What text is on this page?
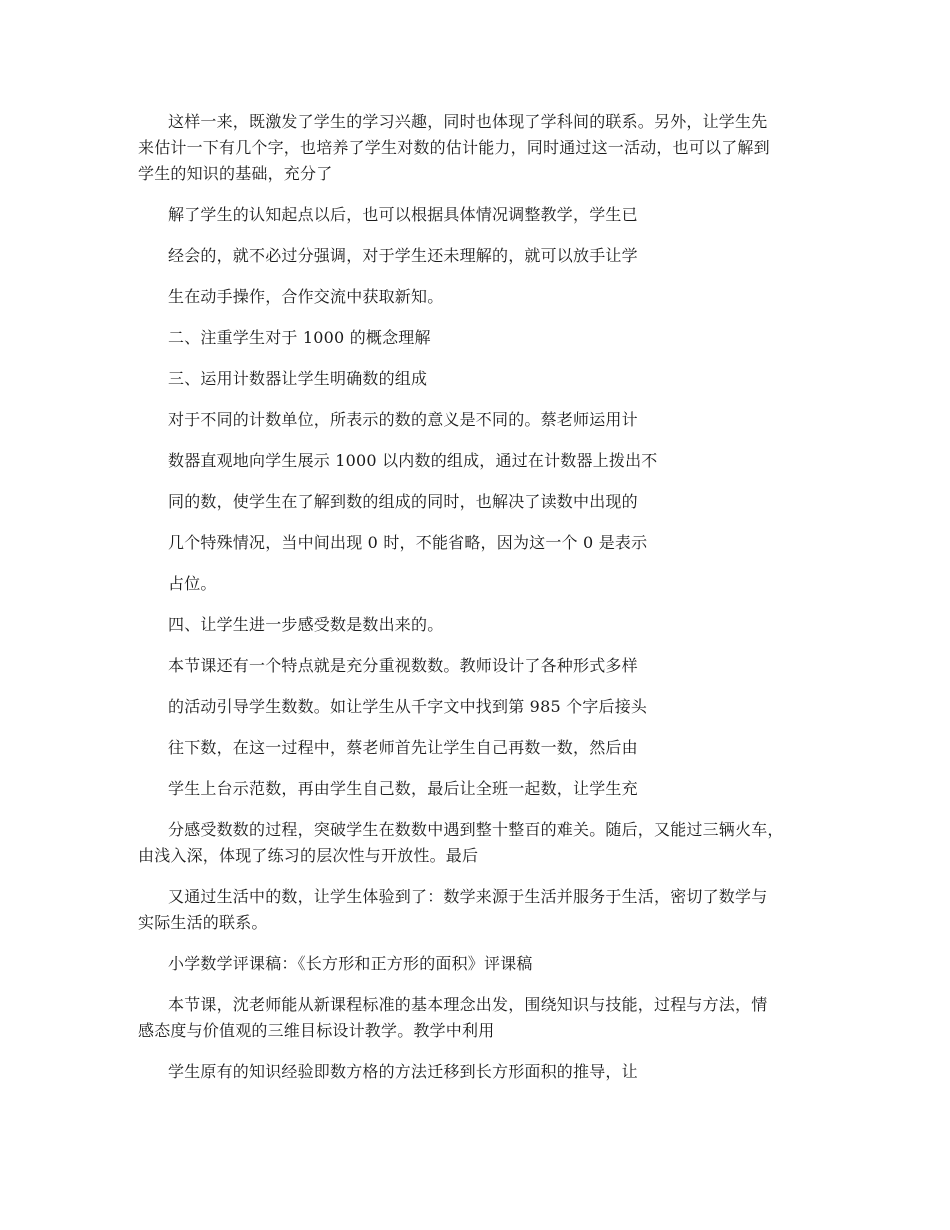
这样一来，既激发了学生的学习兴趣，同时也体现了学科间的联系。另外，让学生先
来估计一下有几个字，也培养了学生对数的估计能力，同时通过这一活动，也可以了解到
学生的知识的基础，充分了
解了学生的认知起点以后，也可以根据具体情况调整教学，学生已
经会的，就不必过分强调，对于学生还未理解的，就可以放手让学
生在动手操作，合作交流中获取新知。
二、注重学生对于 1000 的概念理解
三、运用计数器让学生明确数的组成
对于不同的计数单位，所表示的数的意义是不同的。蔡老师运用计
数器直观地向学生展示 1000 以内数的组成，通过在计数器上拨出不
同的数，使学生在了解到数的组成的同时，也解决了读数中出现的
几个特殊情况，当中间出现 0 时，不能省略，因为这一个 0 是表示
占位。
四、让学生进一步感受数是数出来的。
本节课还有一个特点就是充分重视数数。教师设计了各种形式多样
的活动引导学生数数。如让学生从千字文中找到第 985 个字后接头
往下数，在这一过程中，蔡老师首先让学生自己再数一数，然后由
学生上台示范数，再由学生自己数，最后让全班一起数，让学生充
分感受数数的过程，突破学生在数数中遇到整十整百的难关。随后，又能过三辆火车，
由浅入深，体现了练习的层次性与开放性。最后
又通过生活中的数，让学生体验到了：数学来源于生活并服务于生活，密切了数学与
实际生活的联系。
小学数学评课稿：《长方形和正方形的面积》评课稿
本节课，沈老师能从新课程标准的基本理念出发，围绕知识与技能，过程与方法，情
感态度与价值观的三维目标设计教学。教学中利用
学生原有的知识经验即数方格的方法迁移到长方形面积的推导，让
